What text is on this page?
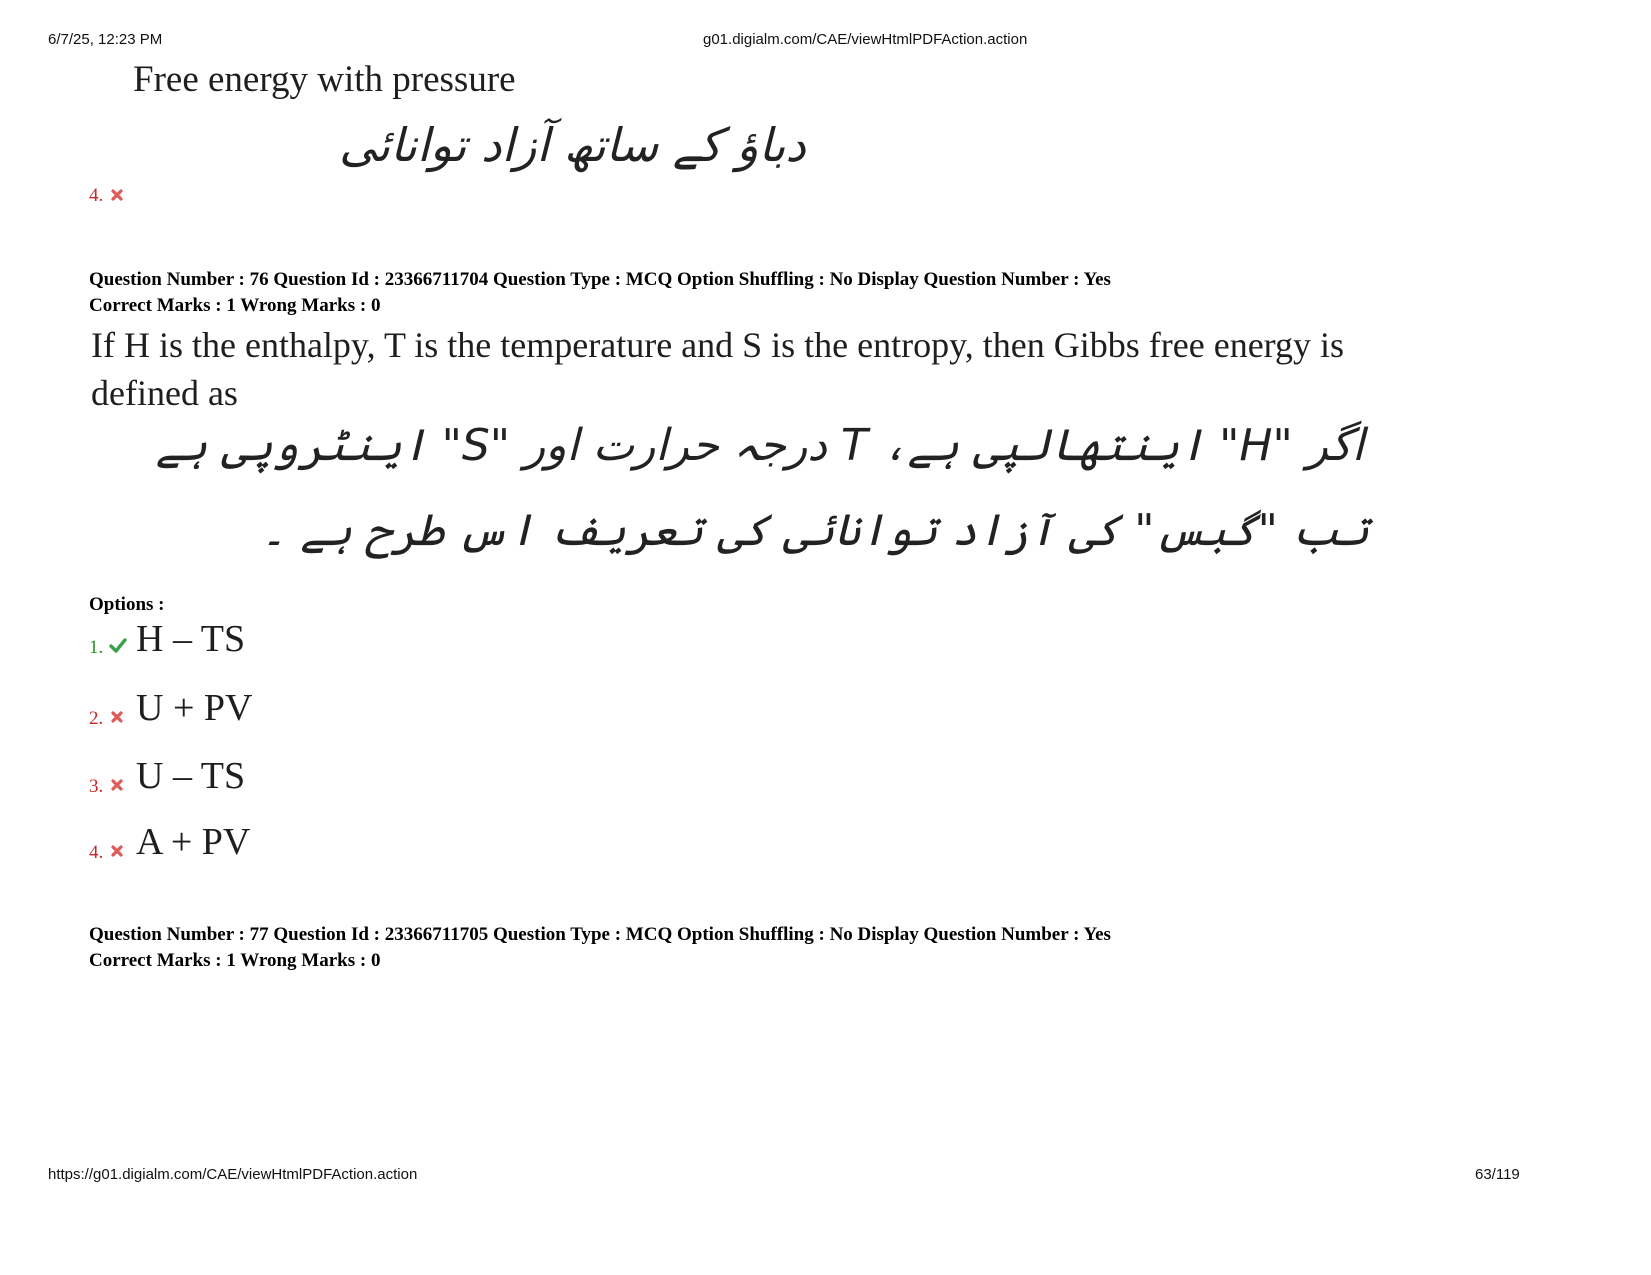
6/7/25, 12:23 PM	g01.digialm.com/CAE/viewHtmlPDFAction.action
Free energy with pressure
دباؤ کے ساتھ آزاد توانائی
4.
Question Number : 76 Question Id : 23366711704 Question Type : MCQ Option Shuffling : No Display Question Number : Yes
Correct Marks : 1 Wrong Marks : 0
If H is the enthalpy, T is the temperature and S is the entropy, then Gibbs free energy is
defined as
اگر "H" اینتھالپی ہے، T درجہ حرارت اور "S" اینٹروپی ہے
تب "گبس" کی آزاد توانائی کی تعریف اس طرح ہے ۔
Options :
1. H – TS
2. U + PV
3. U – TS
4. A + PV
Question Number : 77 Question Id : 23366711705 Question Type : MCQ Option Shuffling : No Display Question Number : Yes
Correct Marks : 1 Wrong Marks : 0
https://g01.digialm.com/CAE/viewHtmlPDFAction.action	63/119
